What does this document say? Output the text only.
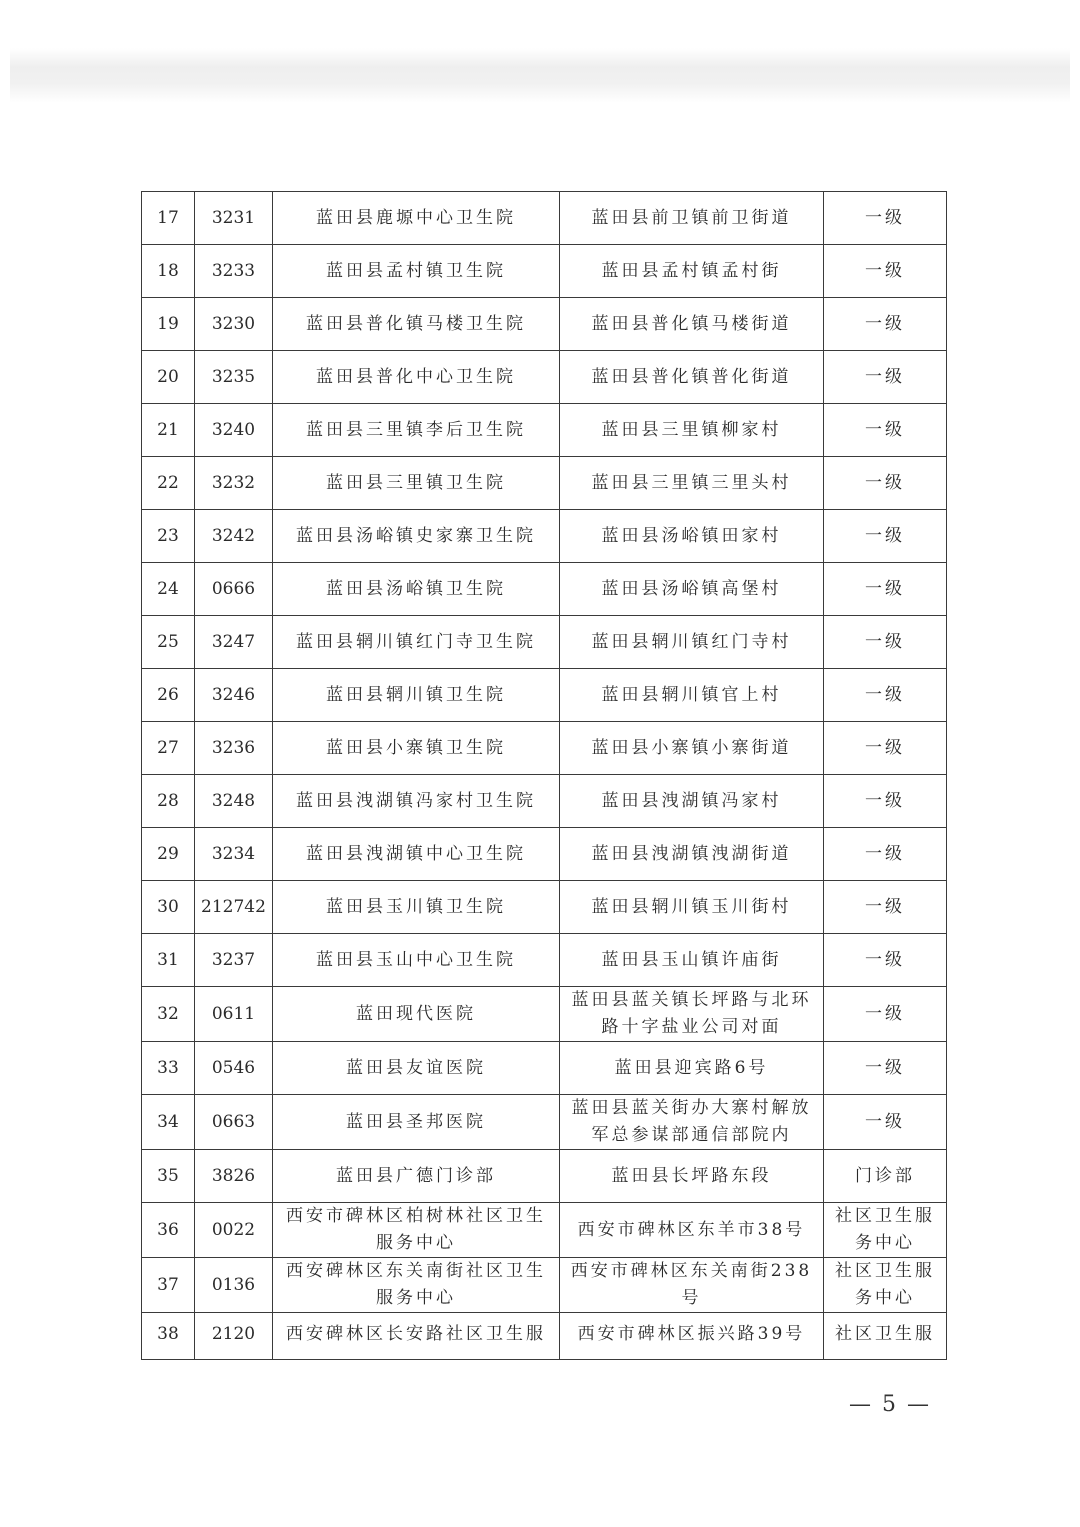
17	3231	蓝田县鹿塬中心卫生院	蓝田县前卫镇前卫街道	一级
18	3233	蓝田县孟村镇卫生院	蓝田县孟村镇孟村街	一级
19	3230	蓝田县普化镇马楼卫生院	蓝田县普化镇马楼街道	一级
20	3235	蓝田县普化中心卫生院	蓝田县普化镇普化街道	一级
21	3240	蓝田县三里镇李后卫生院	蓝田县三里镇柳家村	一级
22	3232	蓝田县三里镇卫生院	蓝田县三里镇三里头村	一级
23	3242	蓝田县汤峪镇史家寨卫生院	蓝田县汤峪镇田家村	一级
24	0666	蓝田县汤峪镇卫生院	蓝田县汤峪镇高堡村	一级
25	3247	蓝田县辋川镇红门寺卫生院	蓝田县辋川镇红门寺村	一级
26	3246	蓝田县辋川镇卫生院	蓝田县辋川镇官上村	一级
27	3236	蓝田县小寨镇卫生院	蓝田县小寨镇小寨街道	一级
28	3248	蓝田县洩湖镇冯家村卫生院	蓝田县洩湖镇冯家村	一级
29	3234	蓝田县洩湖镇中心卫生院	蓝田县洩湖镇洩湖街道	一级
30	212742	蓝田县玉川镇卫生院	蓝田县辋川镇玉川街村	一级
31	3237	蓝田县玉山中心卫生院	蓝田县玉山镇许庙街	一级
32	0611	蓝田现代医院	蓝田县蓝关镇长坪路与北环路十字盐业公司对面	一级
33	0546	蓝田县友谊医院	蓝田县迎宾路6号	一级
34	0663	蓝田县圣邦医院	蓝田县蓝关街办大寨村解放军总参谋部通信部院内	一级
35	3826	蓝田县广德门诊部	蓝田县长坪路东段	门诊部
36	0022	西安市碑林区柏树林社区卫生服务中心	西安市碑林区东羊市38号	社区卫生服务中心
37	0136	西安碑林区东关南街社区卫生服务中心	西安市碑林区东关南街238号	社区卫生服务中心
38	2120	西安碑林区长安路社区卫生服	西安市碑林区振兴路39号	社区卫生服
— 5 —
